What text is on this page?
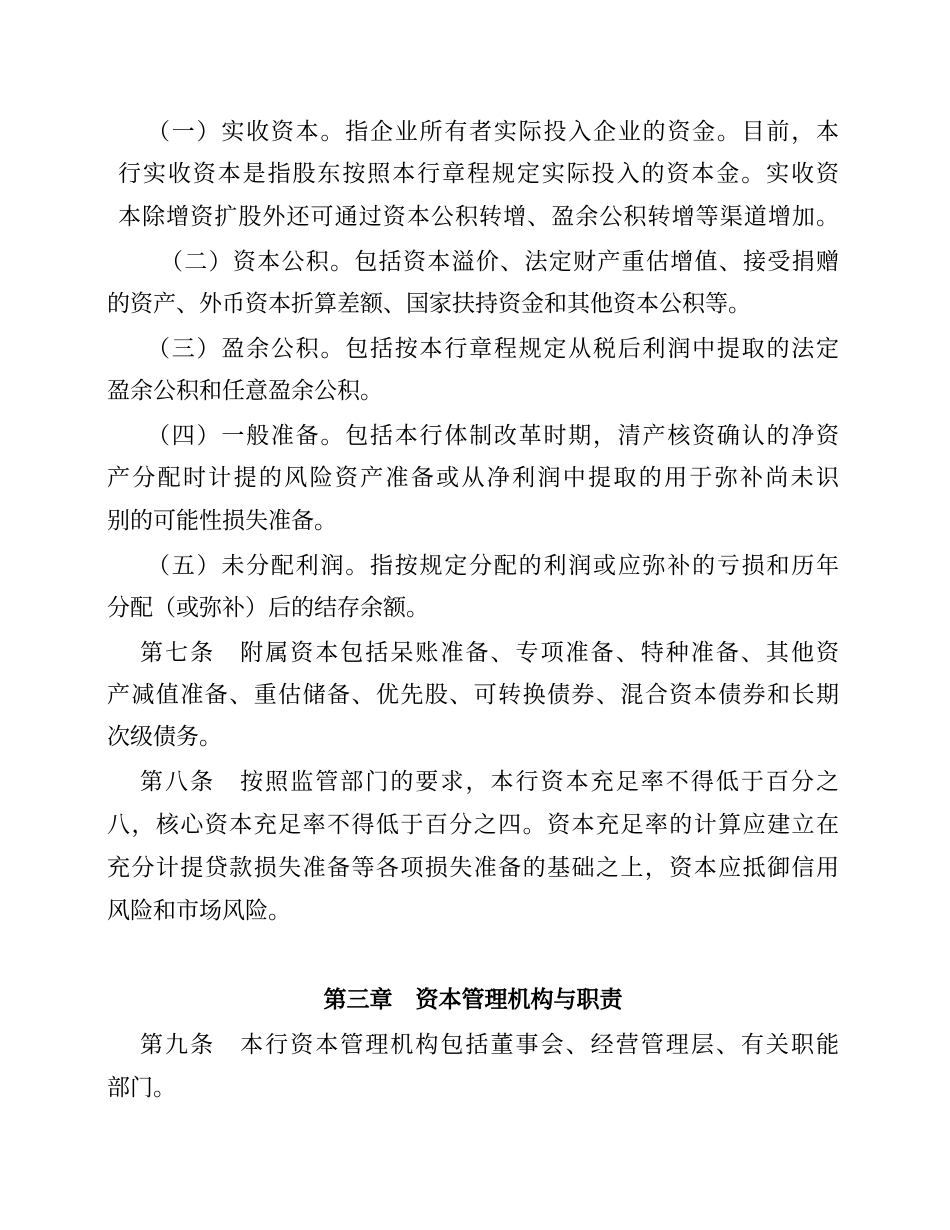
（一）实收资本。指企业所有者实际投入企业的资金。目前，本
行实收资本是指股东按照本行章程规定实际投入的资本金。实收资
本除增资扩股外还可通过资本公积转增、盈余公积转增等渠道增加。
（二）资本公积。包括资本溢价、法定财产重估增值、接受捐赠
的资产、外币资本折算差额、国家扶持资金和其他资本公积等。
（三）盈余公积。包括按本行章程规定从税后利润中提取的法定
盈余公积和任意盈余公积。
（四）一般准备。包括本行体制改革时期，清产核资确认的净资
产分配时计提的风险资产准备或从净利润中提取的用于弥补尚未识
别的可能性损失准备。
（五）未分配利润。指按规定分配的利润或应弥补的亏损和历年
分配（或弥补）后的结存余额。
第七条　附属资本包括呆账准备、专项准备、特种准备、其他资
产减值准备、重估储备、优先股、可转换债券、混合资本债券和长期
次级债务。
第八条　按照监管部门的要求，本行资本充足率不得低于百分之
八，核心资本充足率不得低于百分之四。资本充足率的计算应建立在
充分计提贷款损失准备等各项损失准备的基础之上，资本应抵御信用
风险和市场风险。
第三章　资本管理机构与职责
第九条　本行资本管理机构包括董事会、经营管理层、有关职能
部门。
